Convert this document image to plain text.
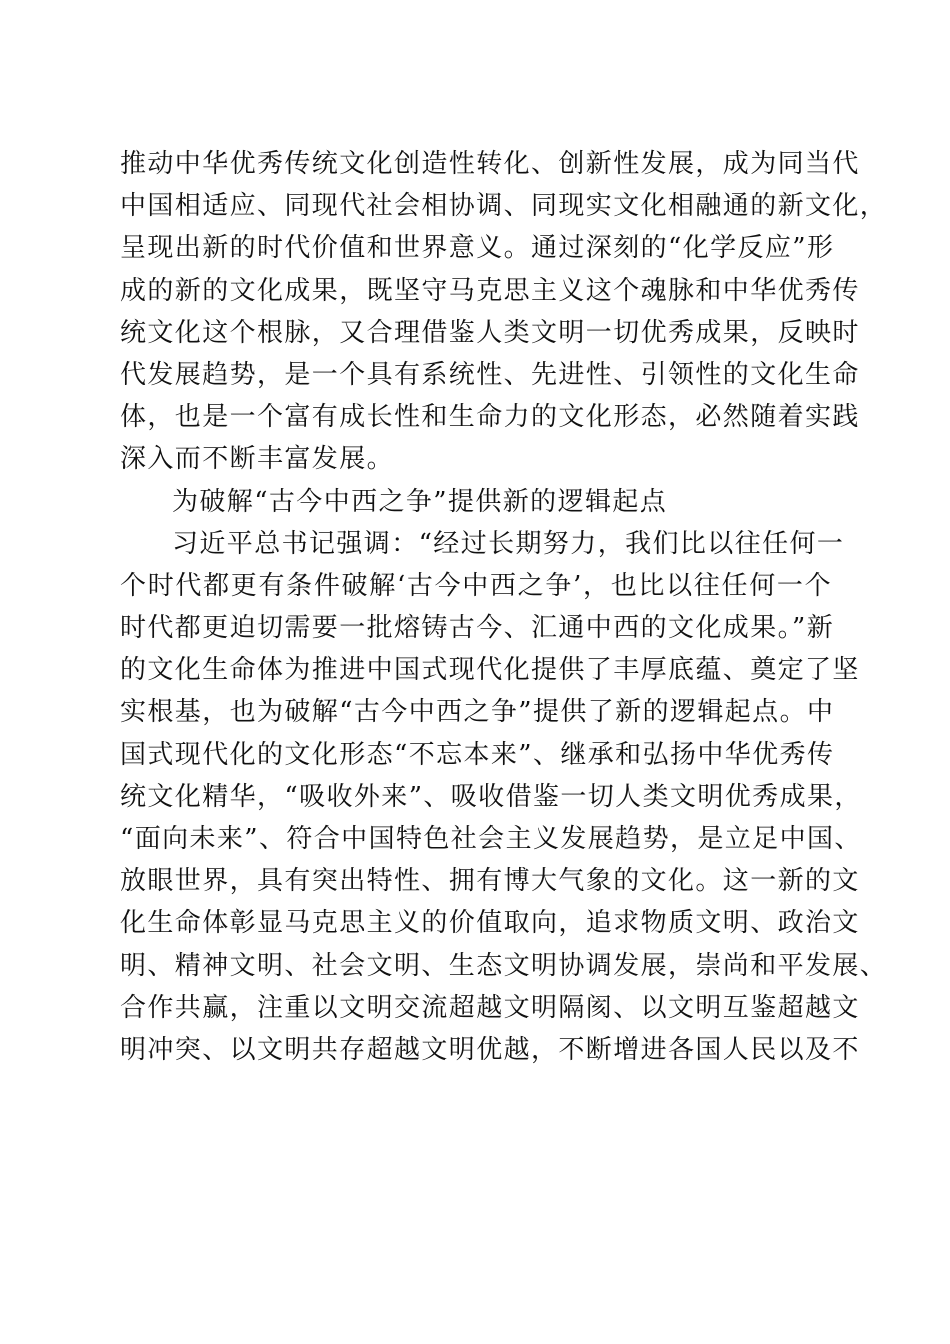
推动中华优秀传统文化创造性转化、创新性发展，成为同当代
中国相适应、同现代社会相协调、同现实文化相融通的新文化，
呈现出新的时代价值和世界意义。通过深刻的“化学反应”形
成的新的文化成果，既坚守马克思主义这个魂脉和中华优秀传
统文化这个根脉，又合理借鉴人类文明一切优秀成果，反映时
代发展趋势，是一个具有系统性、先进性、引领性的文化生命
体，也是一个富有成长性和生命力的文化形态，必然随着实践
深入而不断丰富发展。
为破解“古今中西之争”提供新的逻辑起点
习近平总书记强调：“经过长期努力，我们比以往任何一
个时代都更有条件破解‘古今中西之争’，也比以往任何一个
时代都更迫切需要一批熔铸古今、汇通中西的文化成果。”新
的文化生命体为推进中国式现代化提供了丰厚底蕴、奠定了坚
实根基，也为破解“古今中西之争”提供了新的逻辑起点。中
国式现代化的文化形态“不忘本来”、继承和弘扬中华优秀传
统文化精华，“吸收外来”、吸收借鉴一切人类文明优秀成果，
“面向未来”、符合中国特色社会主义发展趋势，是立足中国、
放眼世界，具有突出特性、拥有博大气象的文化。这一新的文
化生命体彰显马克思主义的价值取向，追求物质文明、政治文
明、精神文明、社会文明、生态文明协调发展，崇尚和平发展、
合作共赢，注重以文明交流超越文明隔阂、以文明互鉴超越文
明冲突、以文明共存超越文明优越，不断增进各国人民以及不
